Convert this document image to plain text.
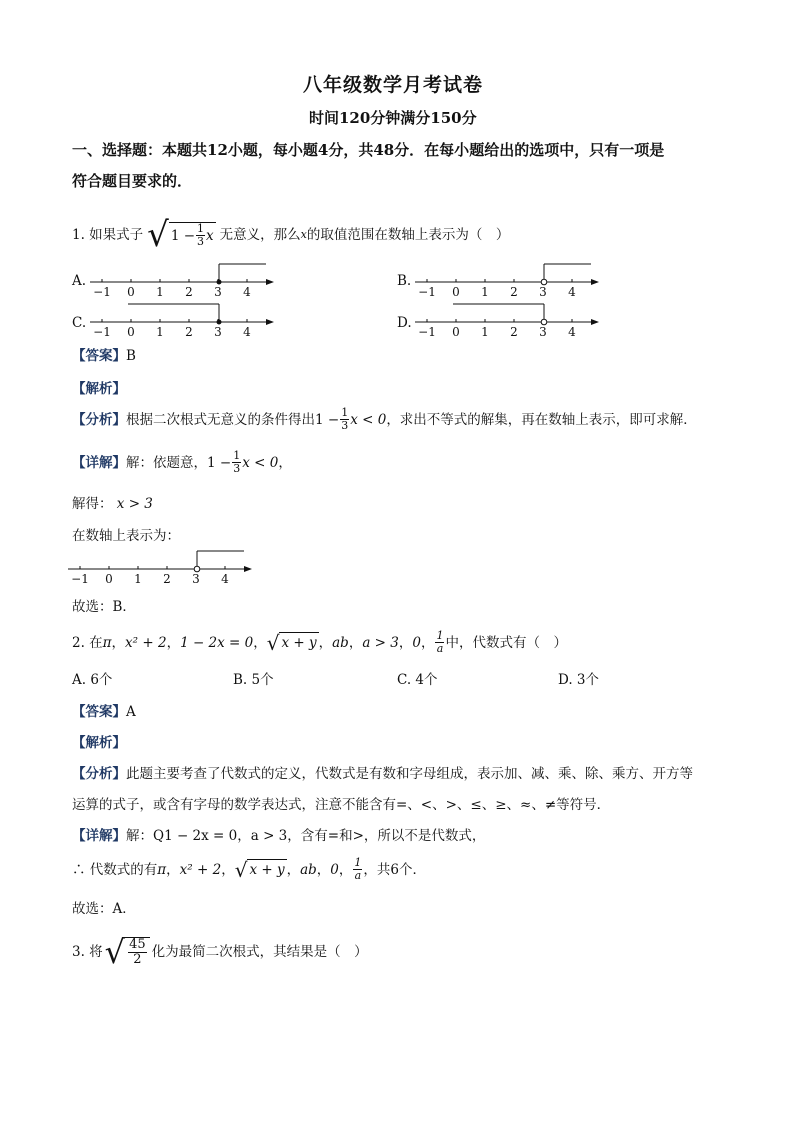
八年级数学月考试卷
时间120分钟满分150分
一、选择题：本题共12小题，每小题4分，共48分．在每小题给出的选项中，只有一项是
符合题目要求的．
1. 如果式子 √ $1 - \frac{1}{3}$ x 无意义，那么 x 的取值范围在数轴上表示为（　）
A.
−1 0 1 2 3 4
B.
−1 0 1 2 3 4
C.
−1 0 1 2 3 4
D.
−1 0 1 2 3 4
【答案】B
【解析】
【分析】 根据二次根式无意义的条件得出 $1 - \frac{1}{3}$ x < 0 ，求出不等式的解集，再在数轴上表示，即可求解．
【详解】 解：依题意， $1 - \frac{1}{3}$ x < 0 ，
解得： x > 3
在数轴上表示为：
−1 0 1 2 3 4
故选：B．
2. 在 π ， x² + 2 ， 1 − 2x = 0 ， √ x + y ， ab ， a > 3 ， 0 ， $\frac{1}{a}$ 中，代数式有（　）
A. 6个	B. 5个	C. 4个	D. 3个
【答案】A
【解析】
【分析】此题主要考查了代数式的定义，代数式是有数和字母组成，表示加、减、乘、除、乘方、开方等
运算的式子，或含有字母的数学表达式，注意不能含有=、<、>、≤、≥、≈、≠等符号．
【详解】解：Q1 − 2x = 0，a > 3，含有=和>，所以不是代数式，
∴ 代数式的有 π ， x² + 2 ， √ x + y ， ab ， 0 ， $\frac{1}{a}$ ，共6个．
故选：A．
3. 将 √ $\frac{45}{2}$ 化为最简二次根式，其结果是（　）
